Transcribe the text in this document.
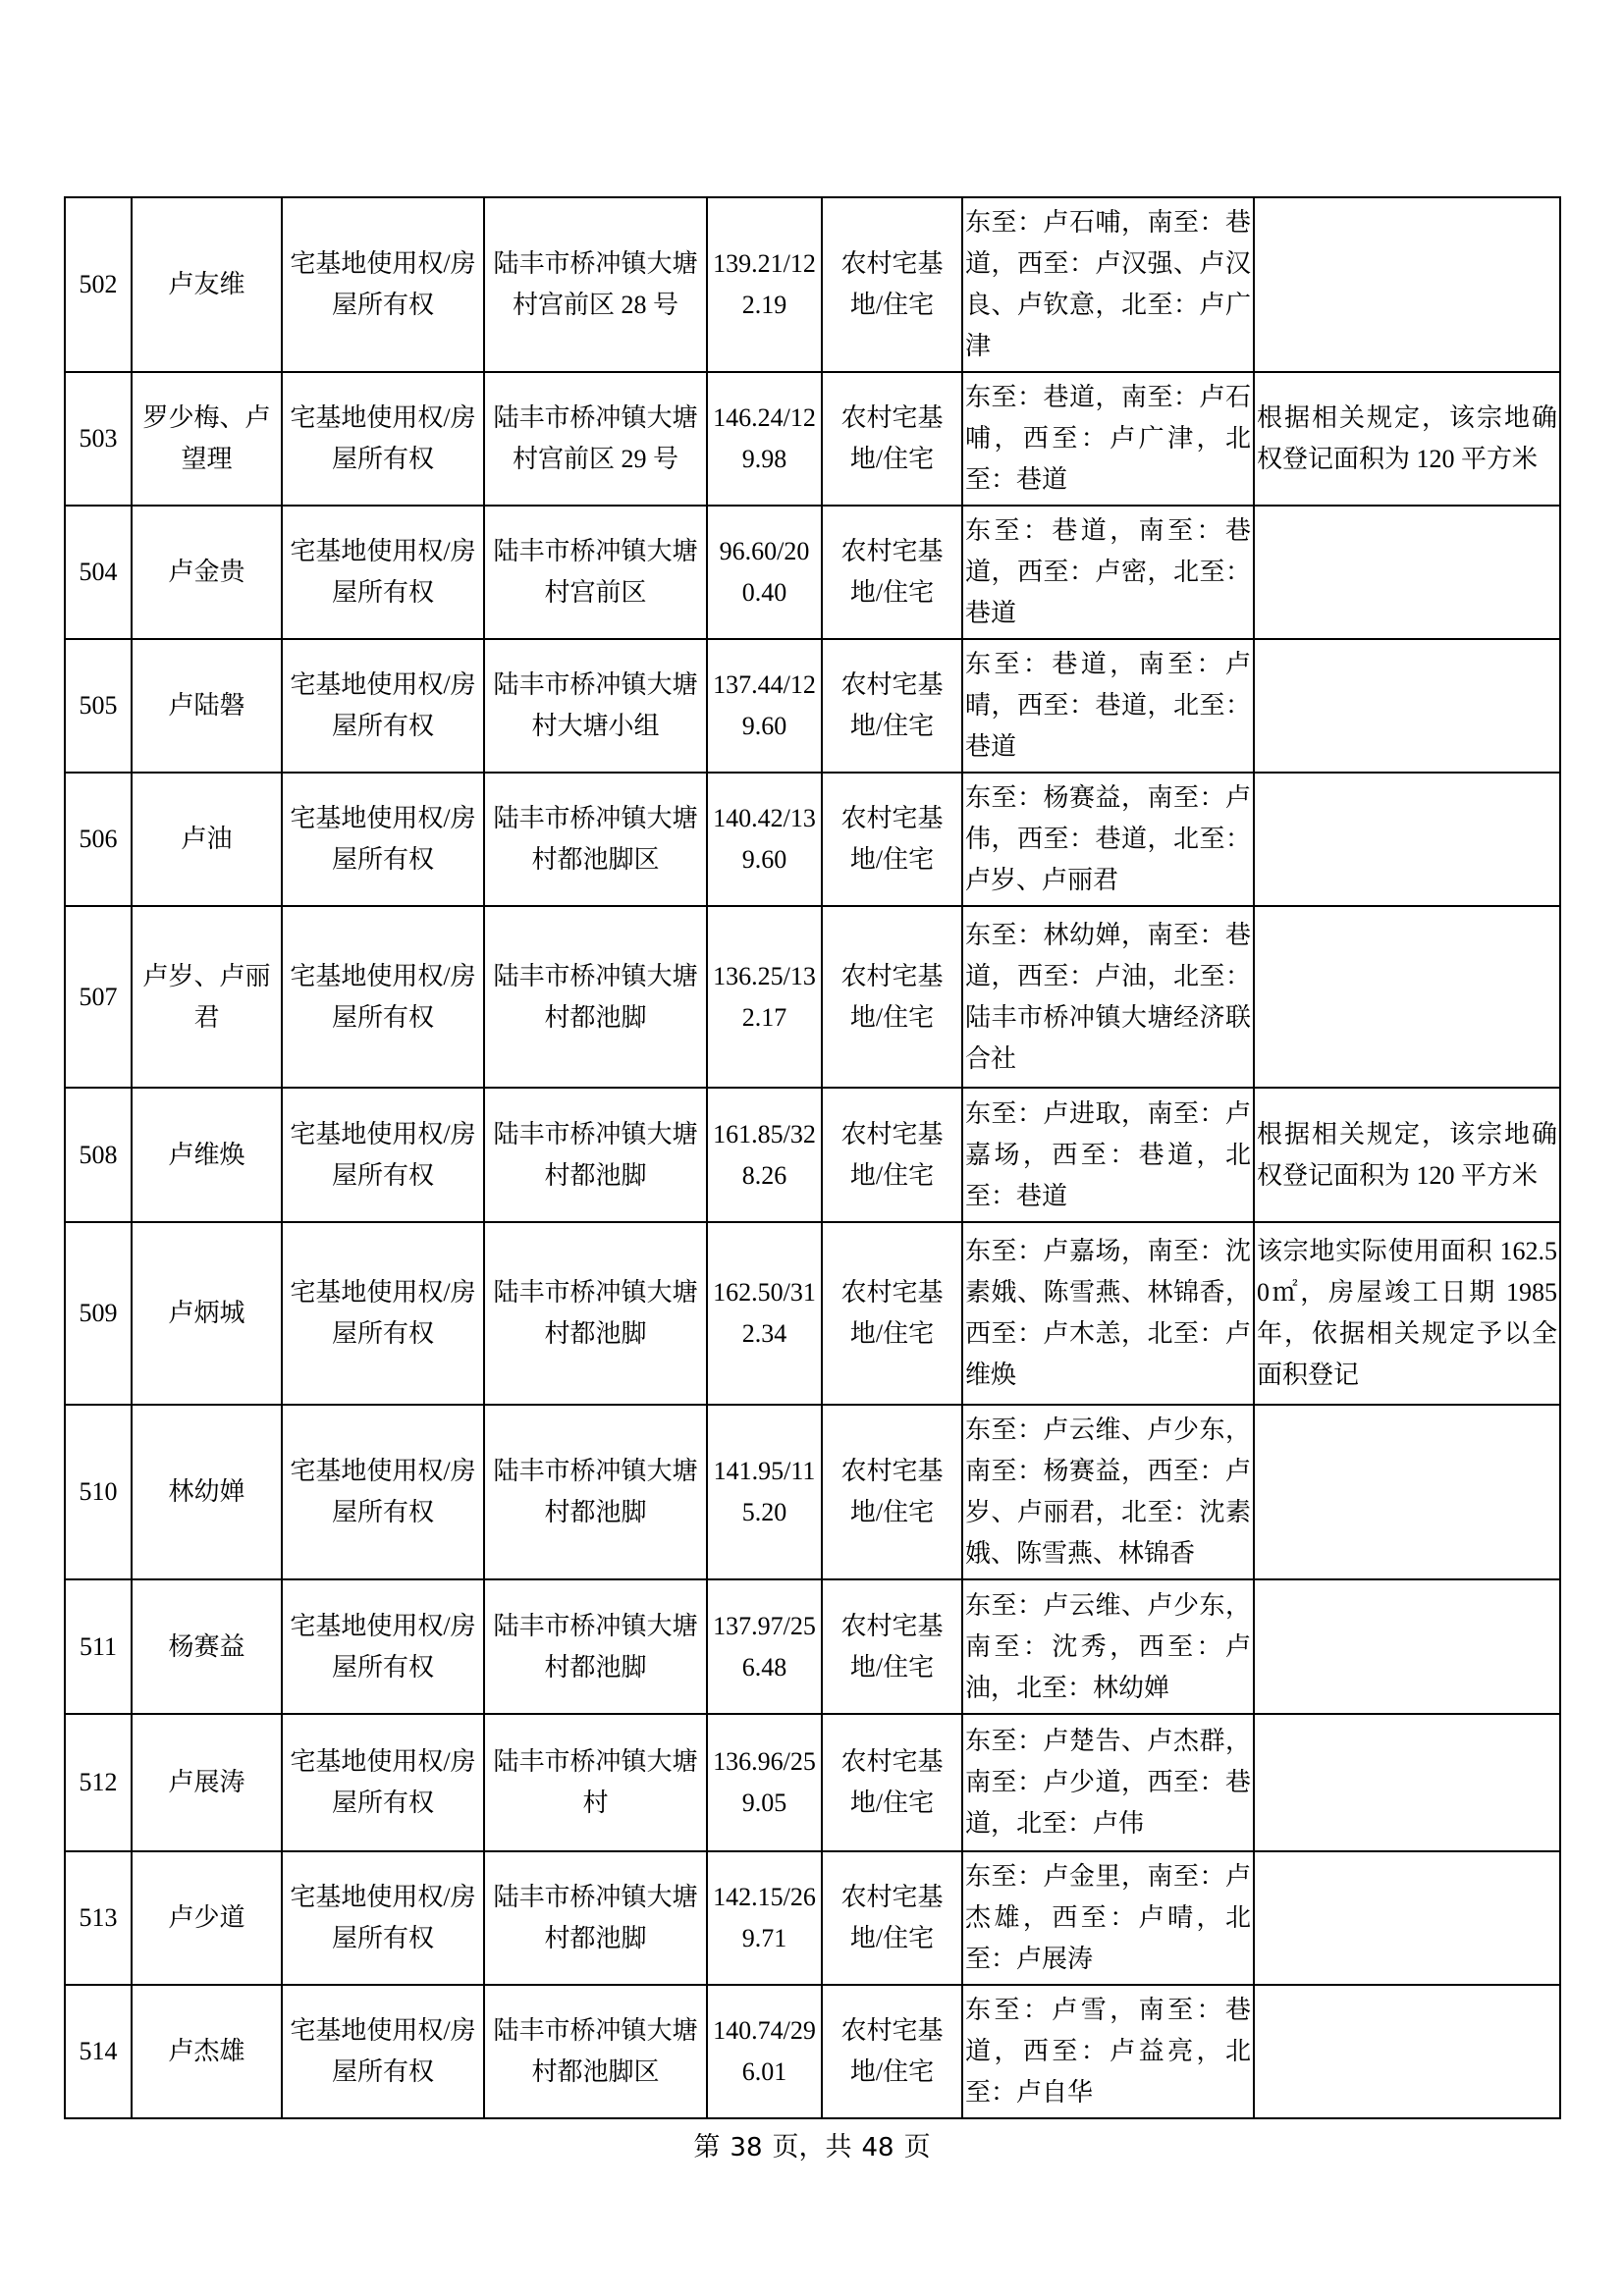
502	卢友维	宅基地使用权/房屋所有权	陆丰市桥冲镇大塘村宫前区 28 号	139.21/122.19	农村宅基地/住宅	东至：卢石哺，南至：巷道，西至：卢汉强、卢汉良、卢钦意，北至：卢广津	
503	罗少梅、卢望理	宅基地使用权/房屋所有权	陆丰市桥冲镇大塘村宫前区 29 号	146.24/129.98	农村宅基地/住宅	东至：巷道，南至：卢石哺，西至：卢广津，北至：巷道	根据相关规定，该宗地确权登记面积为 120 平方米
504	卢金贵	宅基地使用权/房屋所有权	陆丰市桥冲镇大塘村宫前区	96.60/200.40	农村宅基地/住宅	东至：巷道，南至：巷道，西至：卢密，北至：巷道	
505	卢陆磐	宅基地使用权/房屋所有权	陆丰市桥冲镇大塘村大塘小组	137.44/129.60	农村宅基地/住宅	东至：巷道，南至：卢晴，西至：巷道，北至：巷道	
506	卢油	宅基地使用权/房屋所有权	陆丰市桥冲镇大塘村都池脚区	140.42/139.60	农村宅基地/住宅	东至：杨赛益，南至：卢伟，西至：巷道，北至：卢岁、卢丽君	
507	卢岁、卢丽君	宅基地使用权/房屋所有权	陆丰市桥冲镇大塘村都池脚	136.25/132.17	农村宅基地/住宅	东至：林幼婵，南至：巷道，西至：卢油，北至：陆丰市桥冲镇大塘经济联合社	
508	卢维焕	宅基地使用权/房屋所有权	陆丰市桥冲镇大塘村都池脚	161.85/328.26	农村宅基地/住宅	东至：卢进取，南至：卢嘉场，西至：巷道，北至：巷道	根据相关规定，该宗地确权登记面积为 120 平方米
509	卢炳城	宅基地使用权/房屋所有权	陆丰市桥冲镇大塘村都池脚	162.50/312.34	农村宅基地/住宅	东至：卢嘉场，南至：沈素娥、陈雪燕、林锦香，西至：卢木恙，北至：卢维焕	该宗地实际使用面积 162.50㎡，房屋竣工日期 1985 年，依据相关规定予以全面积登记
510	林幼婵	宅基地使用权/房屋所有权	陆丰市桥冲镇大塘村都池脚	141.95/115.20	农村宅基地/住宅	东至：卢云维、卢少东，南至：杨赛益，西至：卢岁、卢丽君，北至：沈素娥、陈雪燕、林锦香	
511	杨赛益	宅基地使用权/房屋所有权	陆丰市桥冲镇大塘村都池脚	137.97/256.48	农村宅基地/住宅	东至：卢云维、卢少东，南至：沈秀，西至：卢油，北至：林幼婵	
512	卢展涛	宅基地使用权/房屋所有权	陆丰市桥冲镇大塘村	136.96/259.05	农村宅基地/住宅	东至：卢楚告、卢杰群，南至：卢少道，西至：巷道，北至：卢伟	
513	卢少道	宅基地使用权/房屋所有权	陆丰市桥冲镇大塘村都池脚	142.15/269.71	农村宅基地/住宅	东至：卢金里，南至：卢杰雄，西至：卢晴，北至：卢展涛	
514	卢杰雄	宅基地使用权/房屋所有权	陆丰市桥冲镇大塘村都池脚区	140.74/296.01	农村宅基地/住宅	东至：卢雪，南至：巷道，西至：卢益亮，北至：卢自华	
第 38 页，共 48 页
